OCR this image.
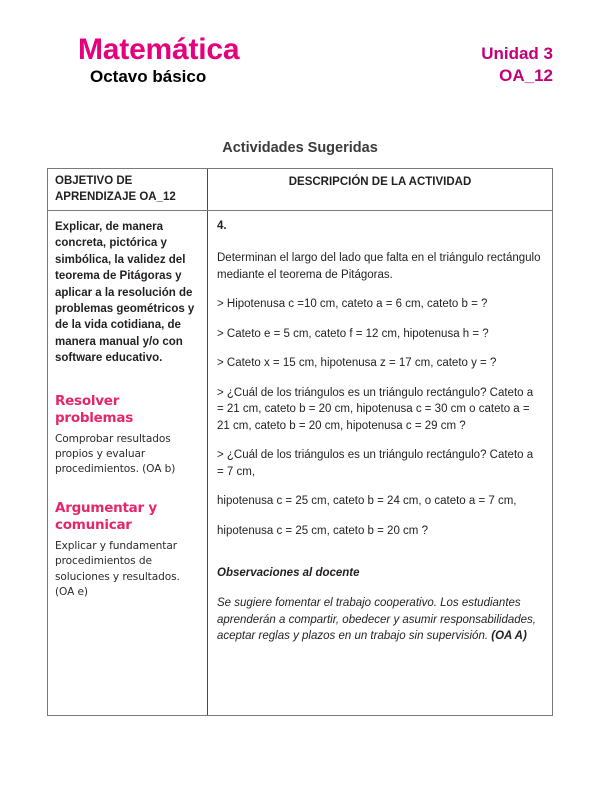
Matemática
Octavo básico
Unidad 3
OA_12
Actividades Sugeridas
OBJETIVO DE APRENDIZAJE OA_12
DESCRIPCIÓN DE LA ACTIVIDAD

Explicar, de manera concreta, pictórica y simbólica, la validez del teorema de Pitágoras y aplicar a la resolución de problemas geométricos y de la vida cotidiana, de manera manual y/o con software educativo.

Resolver problemas
Comprobar resultados propios y evaluar procedimientos. (OA b)
Argumentar y comunicar
Explicar y fundamentar procedimientos de soluciones y resultados. (OA e)

4.

Determinan el largo del lado que falta en el triángulo rectángulo mediante el teorema de Pitágoras.

> Hipotenusa c =10 cm, cateto a = 6 cm, cateto b = ?

> Cateto e = 5 cm, cateto f = 12 cm, hipotenusa h = ?

> Cateto x = 15 cm, hipotenusa z = 17 cm, cateto y = ?

> ¿Cuál de los triángulos es un triángulo rectángulo? Cateto a = 21 cm, cateto b = 20 cm, hipotenusa c = 30 cm o cateto a = 21 cm, cateto b = 20 cm, hipotenusa c = 29 cm ?

> ¿Cuál de los triángulos es un triángulo rectángulo? Cateto a = 7 cm,

hipotenusa c = 25 cm, cateto b = 24 cm, o cateto a = 7 cm,

hipotenusa c = 25 cm, cateto b = 20 cm ?

Observaciones al docente

Se sugiere fomentar el trabajo cooperativo. Los estudiantes aprenderán a compartir, obedecer y asumir responsabilidades, aceptar reglas y plazos en un trabajo sin supervisión. (OA A)
